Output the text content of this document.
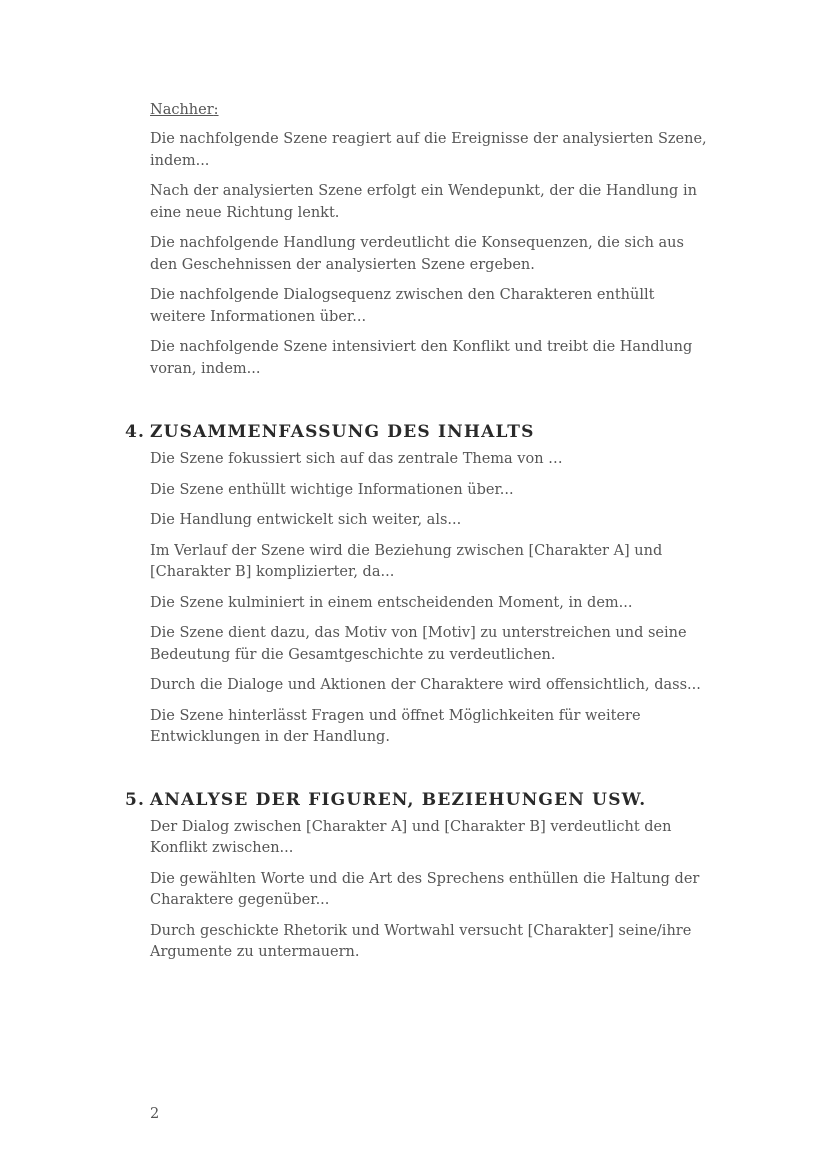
Nachher:

Die nachfolgende Szene reagiert auf die Ereignisse der analysierten Szene, indem...

Nach der analysierten Szene erfolgt ein Wendepunkt, der die Handlung in eine neue Richtung lenkt.

Die nachfolgende Handlung verdeutlicht die Konsequenzen, die sich aus den Geschehnissen der analysierten Szene ergeben.

Die nachfolgende Dialogsequenz zwischen den Charakteren enthüllt weitere Informationen über...

Die nachfolgende Szene intensiviert den Konflikt und treibt die Handlung voran, indem...

4. ZUSAMMENFASSUNG DES INHALTS

Die Szene fokussiert sich auf das zentrale Thema von …

Die Szene enthüllt wichtige Informationen über...

Die Handlung entwickelt sich weiter, als...

Im Verlauf der Szene wird die Beziehung zwischen [Charakter A] und [Charakter B] komplizierter, da...

Die Szene kulminiert in einem entscheidenden Moment, in dem...

Die Szene dient dazu, das Motiv von [Motiv] zu unterstreichen und seine Bedeutung für die Gesamtgeschichte zu verdeutlichen.

Durch die Dialoge und Aktionen der Charaktere wird offensichtlich, dass...

Die Szene hinterlässt Fragen und öffnet Möglichkeiten für weitere Entwicklungen in der Handlung.

5. ANALYSE DER FIGUREN, BEZIEHUNGEN USW.

Der Dialog zwischen [Charakter A] und [Charakter B] verdeutlicht den Konflikt zwischen...

Die gewählten Worte und die Art des Sprechens enthüllen die Haltung der Charaktere gegenüber...

Durch geschickte Rhetorik und Wortwahl versucht [Charakter] seine/ihre Argumente zu untermauern.

2
